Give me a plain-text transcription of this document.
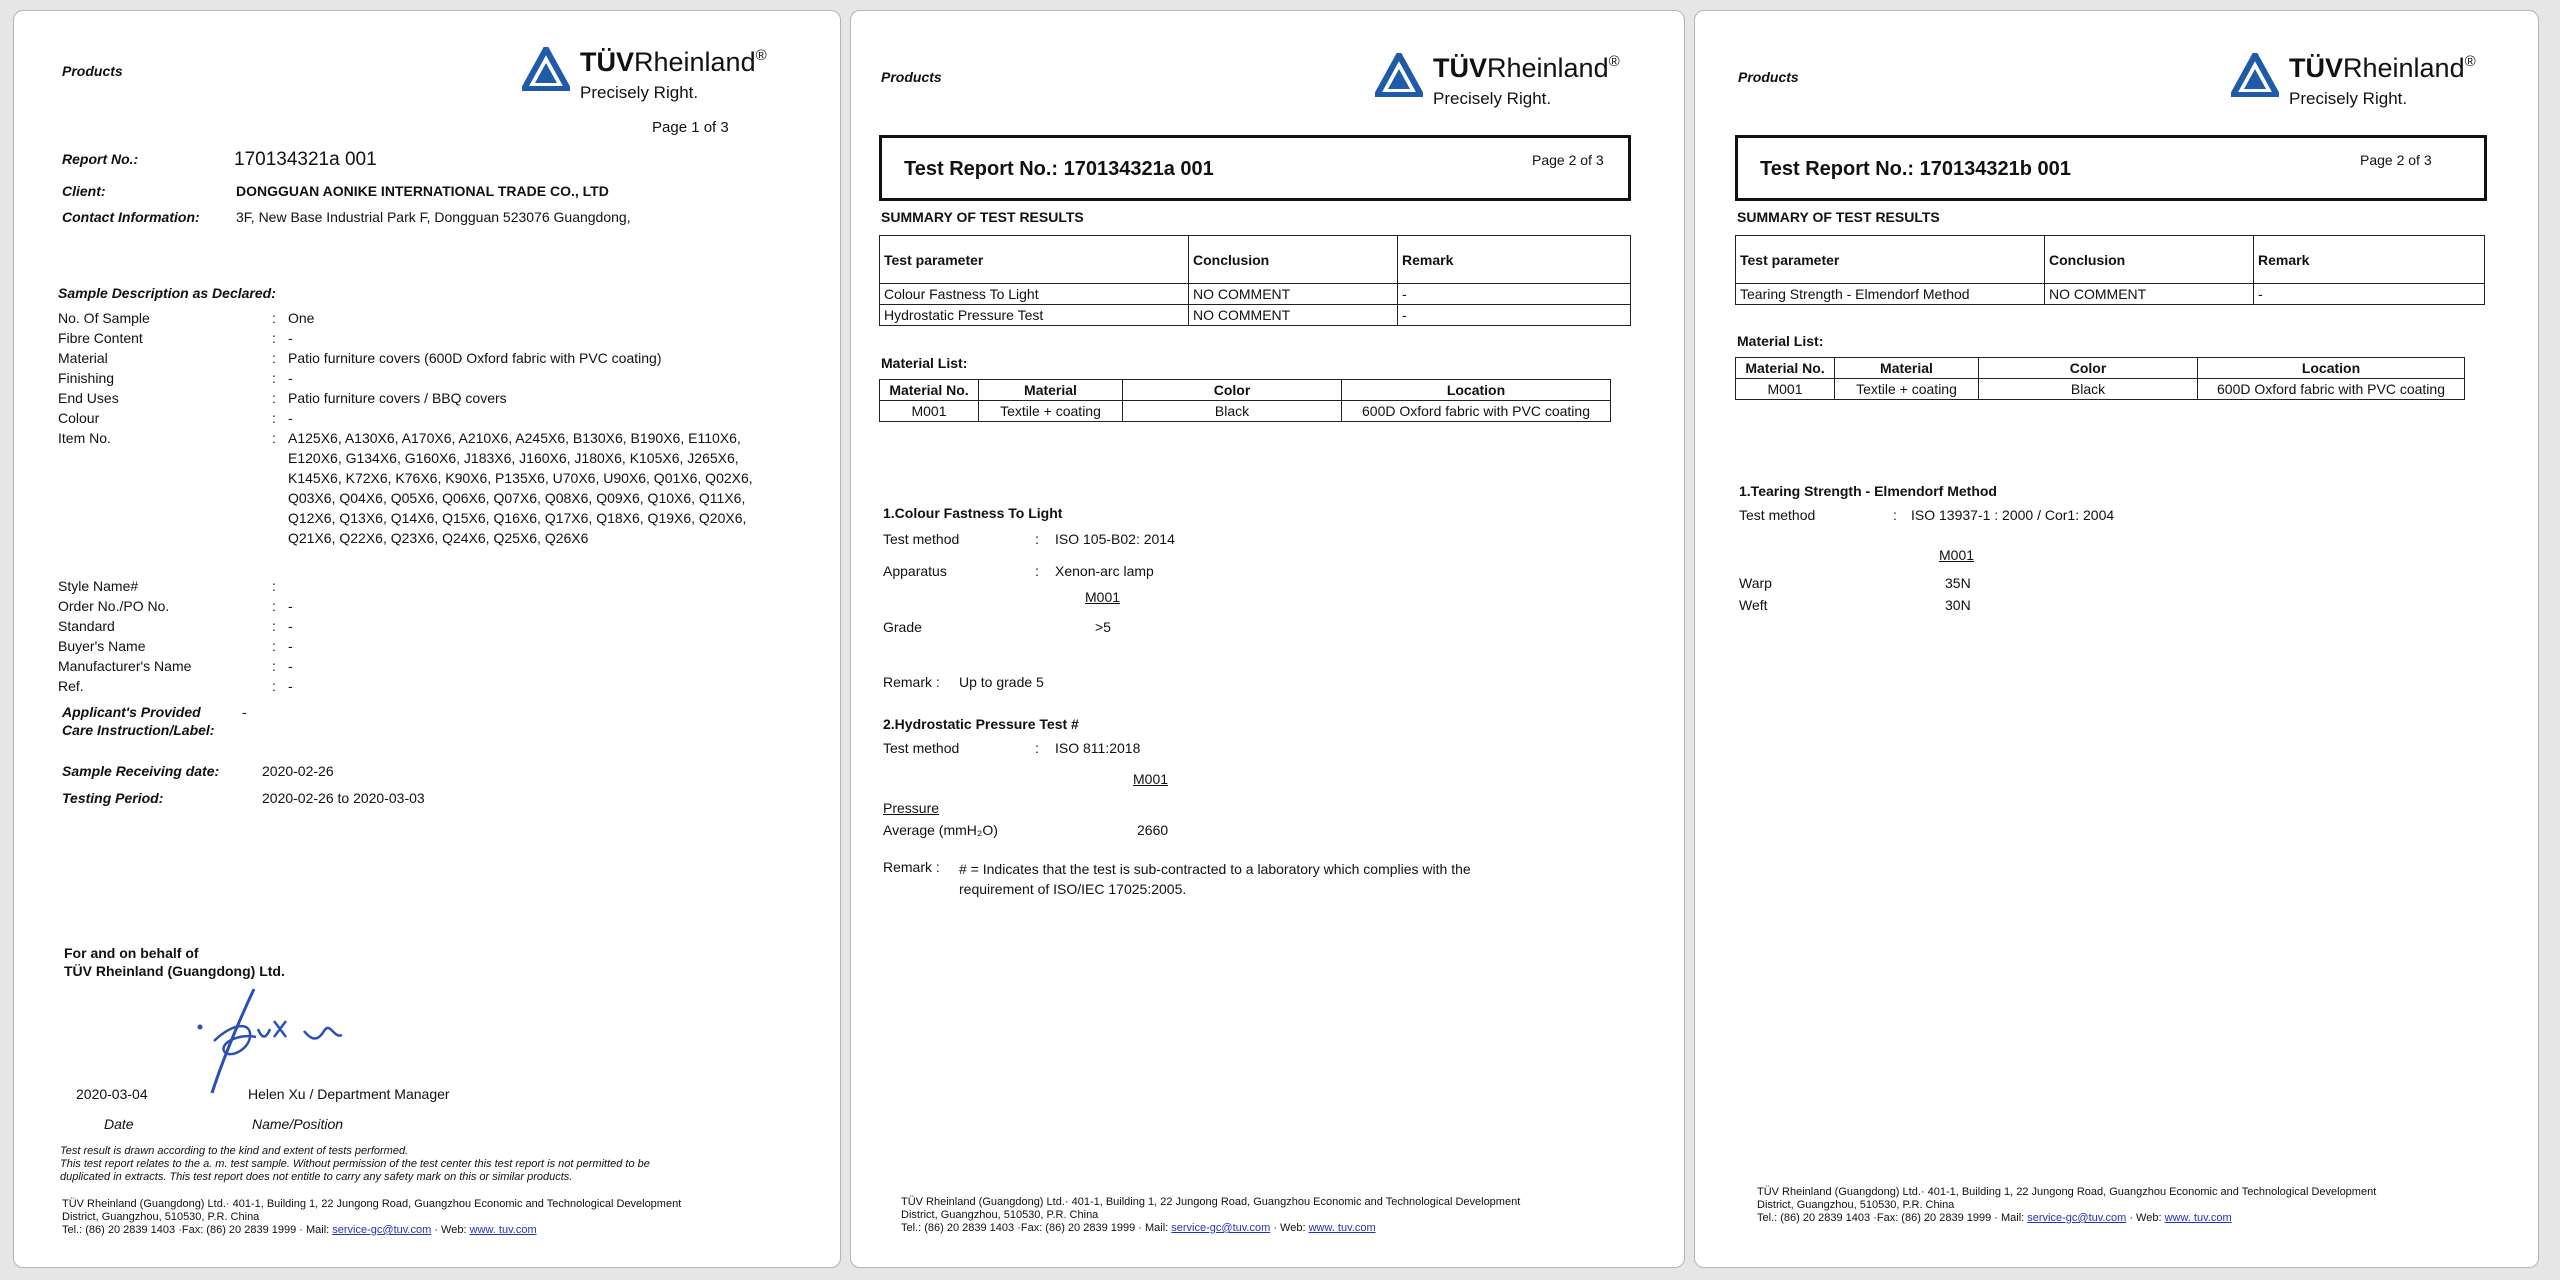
Products	TÜVRheinland®
Precisely Right.
Page 1 of 3
Report No.:	170134321a 001
Client:	DONGGUAN AONIKE INTERNATIONAL TRADE CO., LTD
Contact Information:	3F, New Base Industrial Park F, Dongguan 523076 Guangdong,
Sample Description as Declared:
No. Of Sample	: One
Fibre Content	: -
Material	: Patio furniture covers (600D Oxford fabric with PVC coating)
Finishing	: -
End Uses	: Patio furniture covers / BBQ covers
Colour	: -
Item No.	: A125X6, A130X6, A170X6, A210X6, A245X6, B130X6, B190X6, E110X6,
E120X6, G134X6, G160X6, J183X6, J160X6, J180X6, K105X6, J265X6,
K145X6, K72X6, K76X6, K90X6, P135X6, U70X6, U90X6, Q01X6, Q02X6,
Q03X6, Q04X6, Q05X6, Q06X6, Q07X6, Q08X6, Q09X6, Q10X6, Q11X6,
Q12X6, Q13X6, Q14X6, Q15X6, Q16X6, Q17X6, Q18X6, Q19X6, Q20X6,
Q21X6, Q22X6, Q23X6, Q24X6, Q25X6, Q26X6
Style Name#	:
Order No./PO No.	: -
Standard	: -
Buyer's Name	: -
Manufacturer's Name	: -
Ref.	: -
Applicant's Provided
Care Instruction/Label:
-
Sample Receiving date:	2020-02-26
Testing Period:	2020-02-26 to 2020-03-03
For and on behalf of
TÜV Rheinland (Guangdong) Ltd.
2020-03-04	Helen Xu / Department Manager
Date	Name/Position
Test result is drawn according to the kind and extent of tests performed.
This test report relates to the a. m. test sample. Without permission of the test center this test report is not permitted to be
duplicated in extracts. This test report does not entitle to carry any safety mark on this or similar products.
TÜV Rheinland (Guangdong) Ltd.· 401-1, Building 1, 22 Jungong Road, Guangzhou Economic and Technological Development
District, Guangzhou, 510530, P.R. China
Tel.: (86) 20 2839 1403 ·Fax: (86) 20 2839 1999 · Mail: service-gc@tuv.com · Web: www. tuv.com
Products	TÜVRheinland®
Precisely Right.
Test Report No.: 170134321a 001	Page 2 of 3
SUMMARY OF TEST RESULTS
Test parameter	Conclusion	Remark
Colour Fastness To Light	NO COMMENT	-
Hydrostatic Pressure Test	NO COMMENT	-
Material List:
Material No.	Material	Color	Location
M001	Textile + coating	Black	600D Oxford fabric with PVC coating
1.Colour Fastness To Light
Test method	: ISO 105-B02: 2014
Apparatus	: Xenon-arc lamp
M001
Grade	>5
Remark : Up to grade 5
2.Hydrostatic Pressure Test #
Test method	: ISO 811:2018
M001
Pressure
Average (mmH₂O)	2660
Remark : # = Indicates that the test is sub-contracted to a laboratory which complies with the
requirement of ISO/IEC 17025:2005.
TÜV Rheinland (Guangdong) Ltd.· 401-1, Building 1, 22 Jungong Road, Guangzhou Economic and Technological Development
District, Guangzhou, 510530, P.R. China
Tel.: (86) 20 2839 1403 ·Fax: (86) 20 2839 1999 · Mail: service-gc@tuv.com · Web: www. tuv.com
Products	TÜVRheinland®
Precisely Right.
Test Report No.: 170134321b 001	Page 2 of 3
SUMMARY OF TEST RESULTS
Test parameter	Conclusion	Remark
Tearing Strength - Elmendorf Method	NO COMMENT	-
Material List:
Material No.	Material	Color	Location
M001	Textile + coating	Black	600D Oxford fabric with PVC coating
1.Tearing Strength - Elmendorf Method
Test method	: ISO 13937-1 : 2000 / Cor1: 2004
M001
Warp	35N
Weft	30N
TÜV Rheinland (Guangdong) Ltd.· 401-1, Building 1, 22 Jungong Road, Guangzhou Economic and Technological Development
District, Guangzhou, 510530, P.R. China
Tel.: (86) 20 2839 1403 ·Fax: (86) 20 2839 1999 · Mail: service-gc@tuv.com · Web: www. tuv.com
